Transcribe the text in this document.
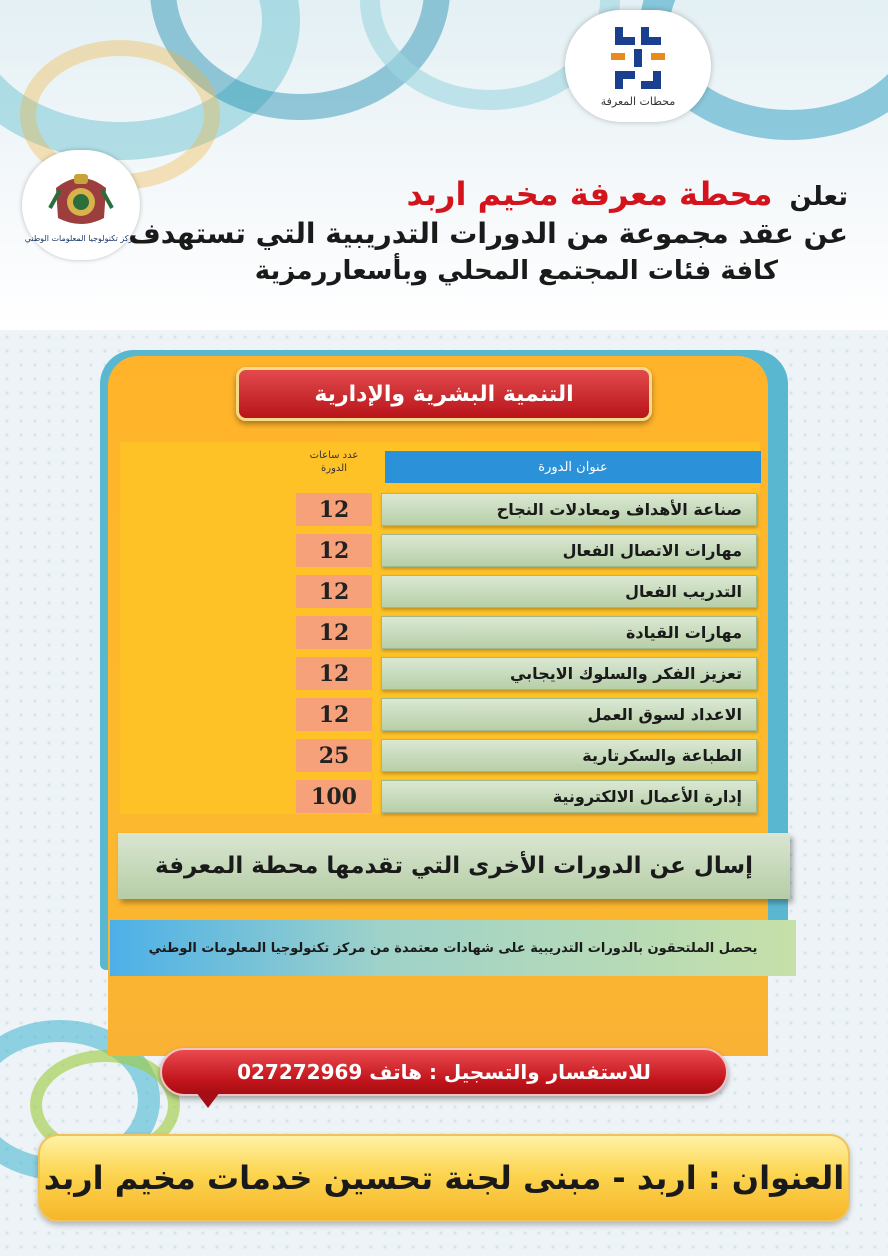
محطات المعرفة
مركز تكنولوجيا المعلومات الوطني
تعلن محطة معرفة مخيم اربد
عن عقد مجموعة من الدورات التدريبية التي تستهدف
كافة فئات المجتمع المحلي وبأسعاررمزية
التنمية البشرية والإدارية
عدد ساعات الدورة	عنوان الدورة
12	صناعة الأهداف ومعادلات النجاح
12	مهارات الاتصال الفعال
12	التدريب الفعال
12	مهارات القيادة
12	تعزيز الفكر والسلوك الايجابي
12	الاعداد لسوق العمل
25	الطباعة والسكرتارية
100	إدارة الأعمال الالكترونية
إسال عن الدورات الأخرى التي تقدمها محطة المعرفة
يحصل الملتحقون بالدورات التدريبية على شهادات معتمدة من مركز تكنولوجيا المعلومات الوطني
للاستفسار والتسجيل : هاتف 027272969
العنوان : اربد - مبنى لجنة تحسين خدمات مخيم اربد
